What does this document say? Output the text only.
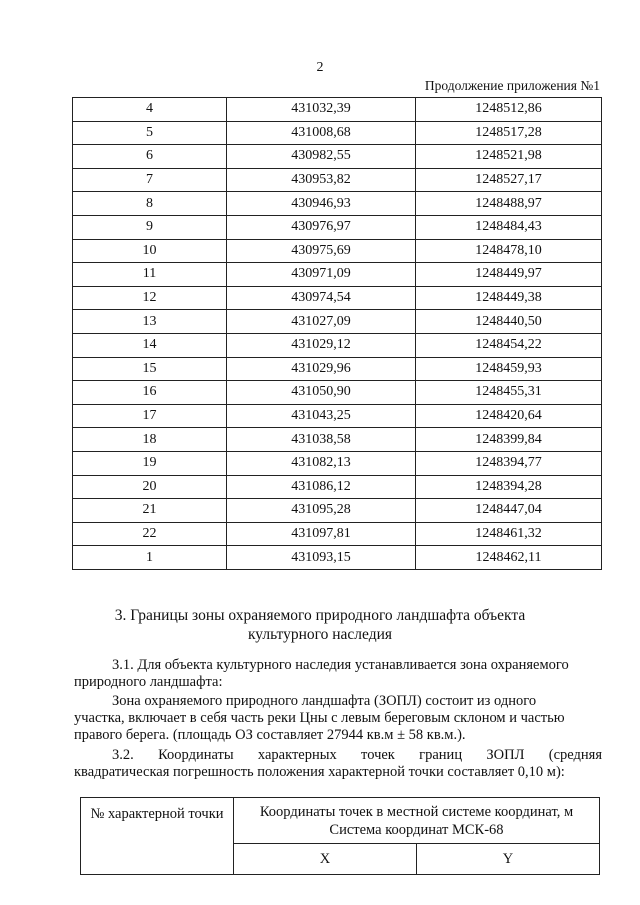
2
Продолжение приложения №1
4	431032,39	1248512,86
5	431008,68	1248517,28
6	430982,55	1248521,98
7	430953,82	1248527,17
8	430946,93	1248488,97
9	430976,97	1248484,43
10	430975,69	1248478,10
11	430971,09	1248449,97
12	430974,54	1248449,38
13	431027,09	1248440,50
14	431029,12	1248454,22
15	431029,96	1248459,93
16	431050,90	1248455,31
17	431043,25	1248420,64
18	431038,58	1248399,84
19	431082,13	1248394,77
20	431086,12	1248394,28
21	431095,28	1248447,04
22	431097,81	1248461,32
1	431093,15	1248462,11
3. Границы зоны охраняемого природного ландшафта объекта
культурного наследия
3.1. Для объекта культурного наследия устанавливается зона охраняемого
природного ландшафта:
Зона охраняемого природного ландшафта (ЗОПЛ) состоит из одного
участка, включает в себя часть реки Цны с левым береговым склоном и частью
правого берега. (площадь ОЗ составляет 27944 кв.м ± 58 кв.м.).
3.2.  Координаты  характерных  точек  границ  ЗОПЛ  (средняя
квадратическая погрешность положения характерной точки составляет 0,10 м):
№ характерной точки	Координаты точек в местной системе координат, м
Система координат МСК-68	

	X	Y
